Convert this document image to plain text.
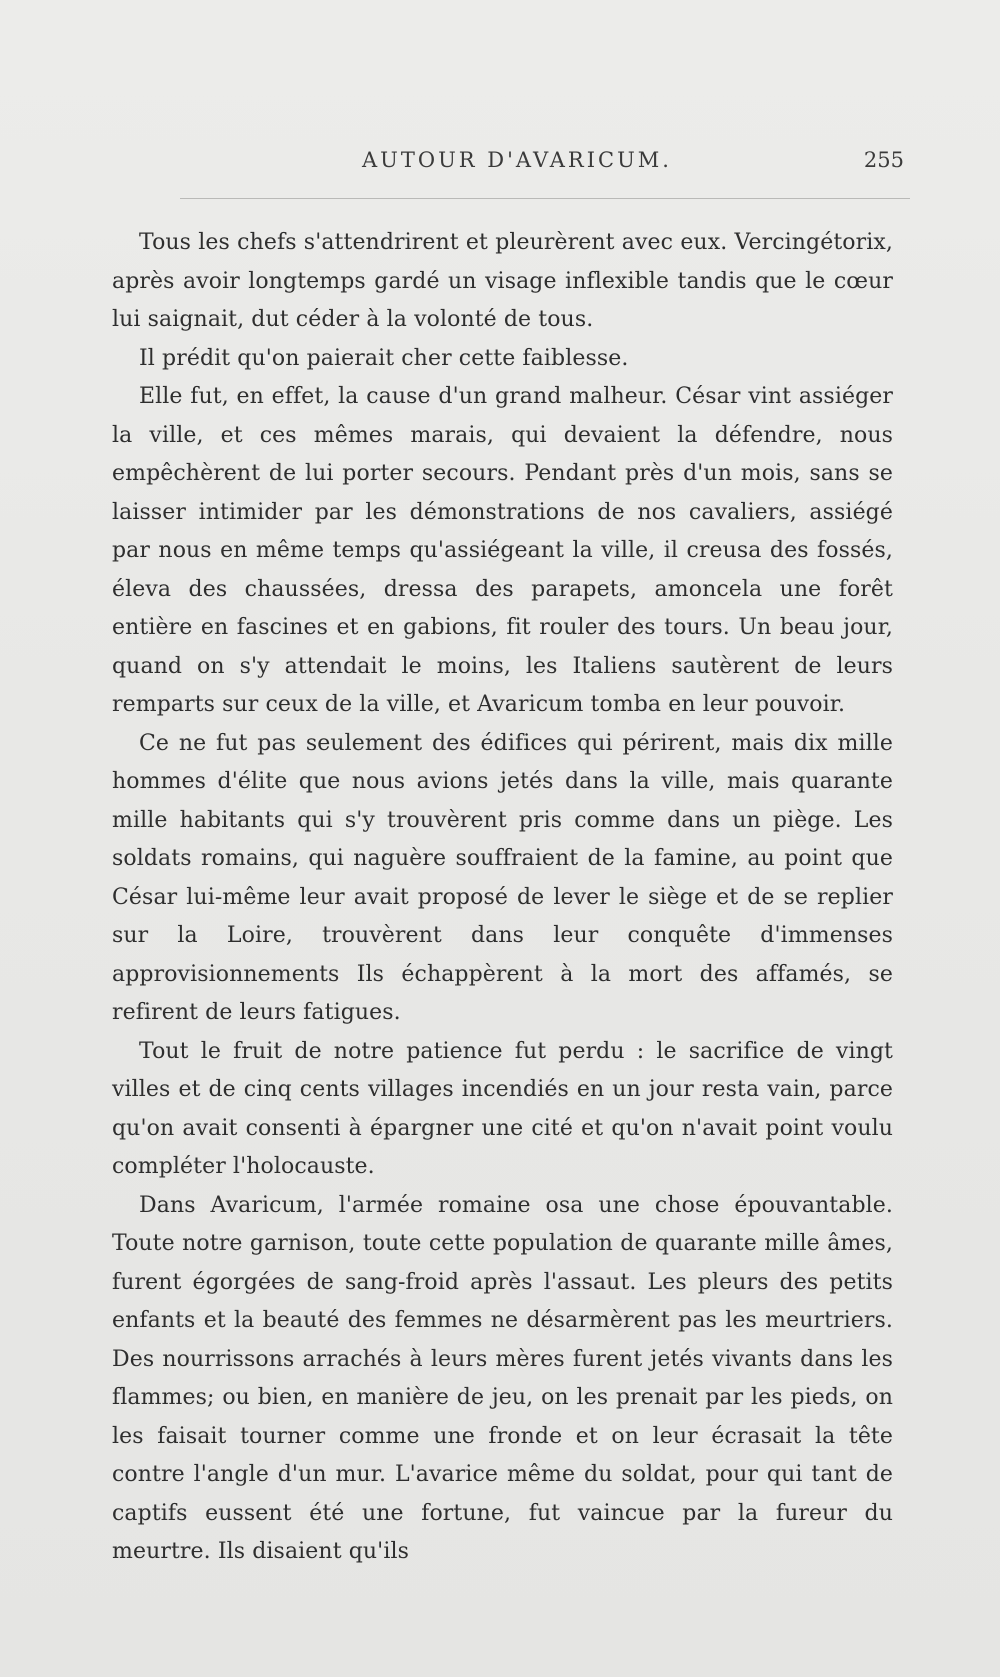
AUTOUR D'AVARICUM.	255

Tous les chefs s'attendrirent et pleurèrent avec eux. Vercingétorix, après avoir longtemps gardé un visage inflexible tandis que le cœur lui saignait, dut céder à la volonté de tous.

Il prédit qu'on paierait cher cette faiblesse.

Elle fut, en effet, la cause d'un grand malheur. César vint assiéger la ville, et ces mêmes marais, qui devaient la défendre, nous empêchèrent de lui porter secours. Pendant près d'un mois, sans se laisser intimider par les démonstrations de nos cavaliers, assiégé par nous en même temps qu'assiégeant la ville, il creusa des fossés, éleva des chaussées, dressa des parapets, amoncela une forêt entière en fascines et en gabions, fit rouler des tours. Un beau jour, quand on s'y attendait le moins, les Italiens sautèrent de leurs remparts sur ceux de la ville, et Avaricum tomba en leur pouvoir.

Ce ne fut pas seulement des édifices qui périrent, mais dix mille hommes d'élite que nous avions jetés dans la ville, mais quarante mille habitants qui s'y trouvèrent pris comme dans un piège. Les soldats romains, qui naguère souffraient de la famine, au point que César lui-même leur avait proposé de lever le siège et de se replier sur la Loire, trouvèrent dans leur conquête d'immenses approvisionnements Ils échappèrent à la mort des affamés, se refirent de leurs fatigues.

Tout le fruit de notre patience fut perdu : le sacrifice de vingt villes et de cinq cents villages incendiés en un jour resta vain, parce qu'on avait consenti à épargner une cité et qu'on n'avait point voulu compléter l'holocauste.

Dans Avaricum, l'armée romaine osa une chose épouvantable. Toute notre garnison, toute cette population de quarante mille âmes, furent égorgées de sang-froid après l'assaut. Les pleurs des petits enfants et la beauté des femmes ne désarmèrent pas les meurtriers. Des nourrissons arrachés à leurs mères furent jetés vivants dans les flammes; ou bien, en manière de jeu, on les prenait par les pieds, on les faisait tourner comme une fronde et on leur écrasait la tête contre l'angle d'un mur. L'avarice même du soldat, pour qui tant de captifs eussent été une fortune, fut vaincue par la fureur du meurtre. Ils disaient qu'ils
